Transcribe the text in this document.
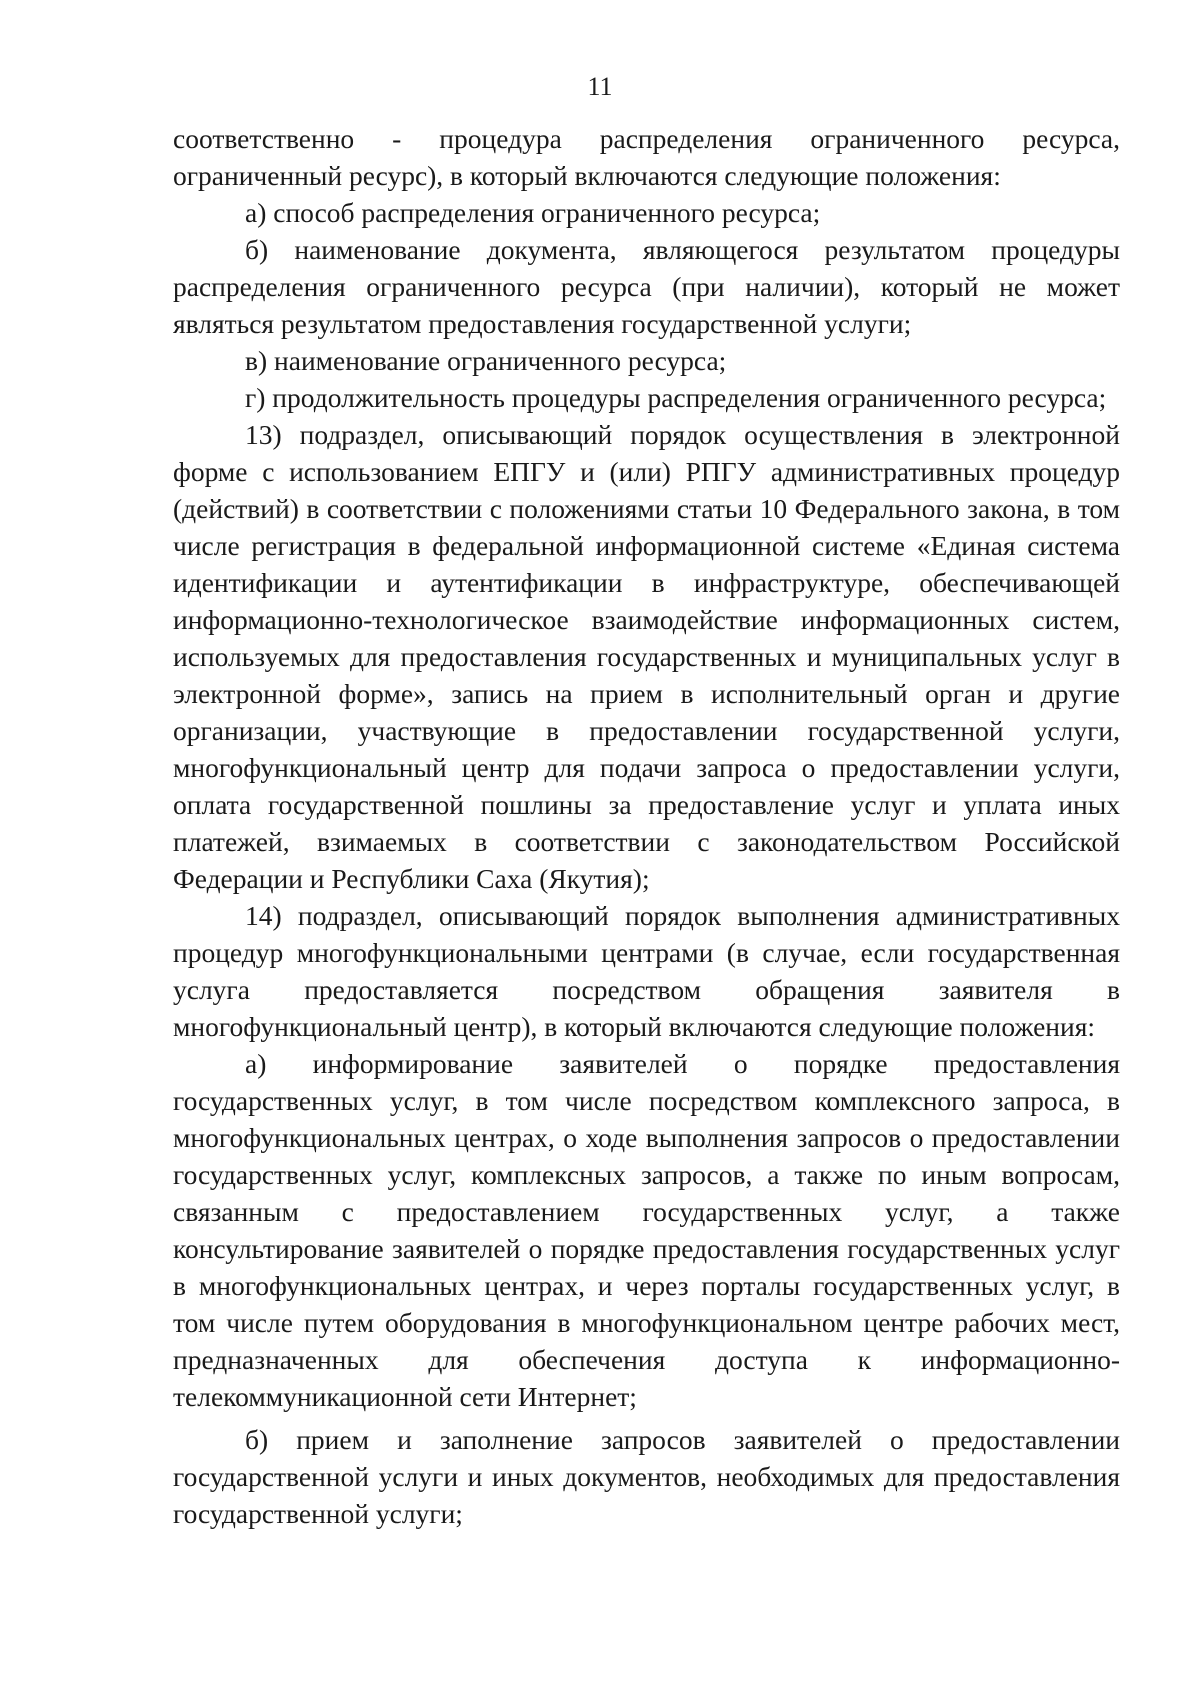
11

соответственно - процедура распределения ограниченного ресурса, ограниченный ресурс), в который включаются следующие положения:

а) способ распределения ограниченного ресурса;

б) наименование документа, являющегося результатом процедуры распределения ограниченного ресурса (при наличии), который не может являться результатом предоставления государственной услуги;

в) наименование ограниченного ресурса;

г) продолжительность процедуры распределения ограниченного ресурса;

13) подраздел, описывающий порядок осуществления в электронной форме с использованием ЕПГУ и (или) РПГУ административных процедур (действий) в соответствии с положениями статьи 10 Федерального закона, в том числе регистрация в федеральной информационной системе «Единая система идентификации и аутентификации в инфраструктуре, обеспечивающей информационно-технологическое взаимодействие информационных систем, используемых для предоставления государственных и муниципальных услуг в электронной форме», запись на прием в исполнительный орган и другие организации, участвующие в предоставлении государственной услуги, многофункциональный центр для подачи запроса о предоставлении услуги, оплата государственной пошлины за предоставление услуг и уплата иных платежей, взимаемых в соответствии с законодательством Российской Федерации и Республики Саха (Якутия);

14) подраздел, описывающий порядок выполнения административных процедур многофункциональными центрами (в случае, если государственная услуга предоставляется посредством обращения заявителя в многофункциональный центр), в который включаются следующие положения:

а) информирование заявителей о порядке предоставления государственных услуг, в том числе посредством комплексного запроса, в многофункциональных центрах, о ходе выполнения запросов о предоставлении государственных услуг, комплексных запросов, а также по иным вопросам, связанным с предоставлением государственных услуг, а также консультирование заявителей о порядке предоставления государственных услуг в многофункциональных центрах, и через порталы государственных услуг, в том числе путем оборудования в многофункциональном центре рабочих мест, предназначенных для обеспечения доступа к информационно-телекоммуникационной сети Интернет;

б) прием и заполнение запросов заявителей о предоставлении государственной услуги и иных документов, необходимых для предоставления государственной услуги;
